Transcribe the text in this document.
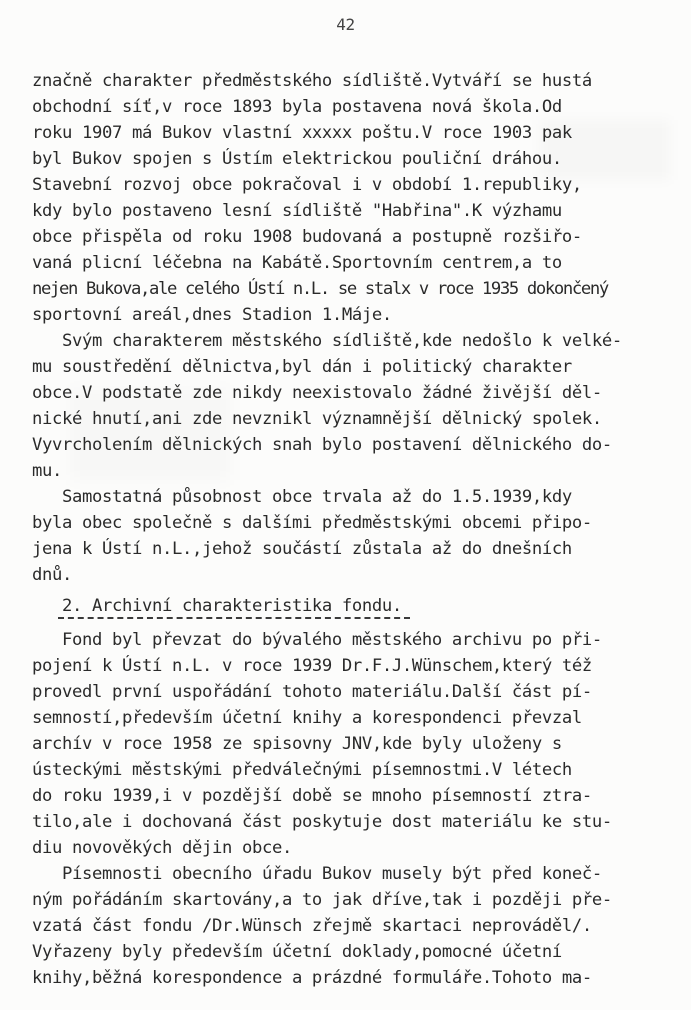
42
značně charakter předměstského sídliště.Vytváří se hustá
obchodní síť,v roce 1893 byla postavena nová škola.Od
roku 1907 má Bukov vlastní xxxxx poštu.V roce 1903 pak
byl Bukov spojen s Ústím elektrickou pouliční dráhou.
Stavební rozvoj obce pokračoval i v období 1.republiky,
kdy bylo postaveno lesní sídliště "Habřina".K výzhamu
obce přispěla od roku 1908 budovaná a postupně rozšiřo-
vaná plicní léčebna na Kabátě.Sportovním centrem,a to
nejen Bukova,ale celého Ústí n.L. se stalx v roce 1935 dokončený
sportovní areál,dnes Stadion 1.Máje.
Svým charakterem městského sídliště,kde nedošlo k velké-
mu soustředění dělnictva,byl dán i politický charakter
obce.V podstatě zde nikdy neexistovalo žádné živější děl-
nické hnutí,ani zde nevznikl významnější dělnický spolek.
Vyvrcholením dělnických snah bylo postavení dělnického do-
mu.
Samostatná působnost obce trvala až do 1.5.1939,kdy
byla obec společně s dalšími předměstskými obcemi připo-
jena k Ústí n.L.,jehož součástí zůstala až do dnešních
dnů.
2. Archivní charakteristika fondu.
Fond byl převzat do bývalého městského archivu po při-
pojení k Ústí n.L. v roce 1939 Dr.F.J.Wünschem,který též
provedl první uspořádání tohoto materiálu.Další část pí-
semností,především účetní knihy a korespondenci převzal
archív v roce 1958 ze spisovny JNV,kde byly uloženy s
ústeckými městskými předválečnými písemnostmi.V létech
do roku 1939,i v pozdější době se mnoho písemností ztra-
tilo,ale i dochovaná část poskytuje dost materiálu ke stu-
diu novověkých dějin obce.
Písemnosti obecního úřadu Bukov musely být před koneč-
ným pořádáním skartovány,a to jak dříve,tak i později pře-
vzatá část fondu /Dr.Wünsch zřejmě skartaci neprováděl/.
Vyřazeny byly především účetní doklady,pomocné účetní
knihy,běžná korespondence a prázdné formuláře.Tohoto ma-
